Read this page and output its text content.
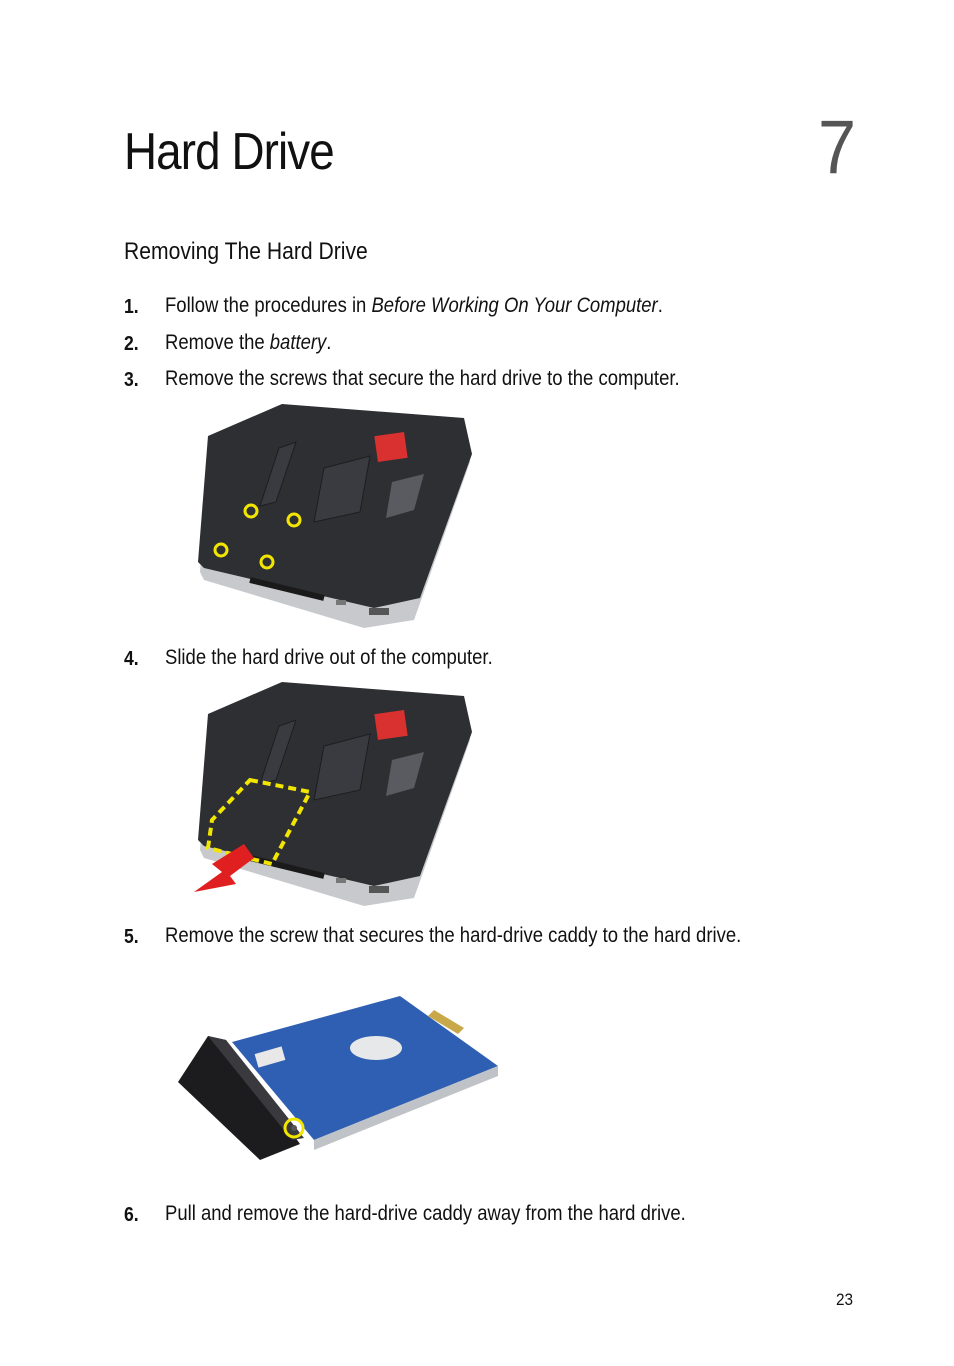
Hard Drive	7
Removing The Hard Drive
1. Follow the procedures in Before Working On Your Computer.
2. Remove the battery.
3. Remove the screws that secure the hard drive to the computer.
4. Slide the hard drive out of the computer.
5. Remove the screw that secures the hard-drive caddy to the hard drive.
6. Pull and remove the hard-drive caddy away from the hard drive.
23
